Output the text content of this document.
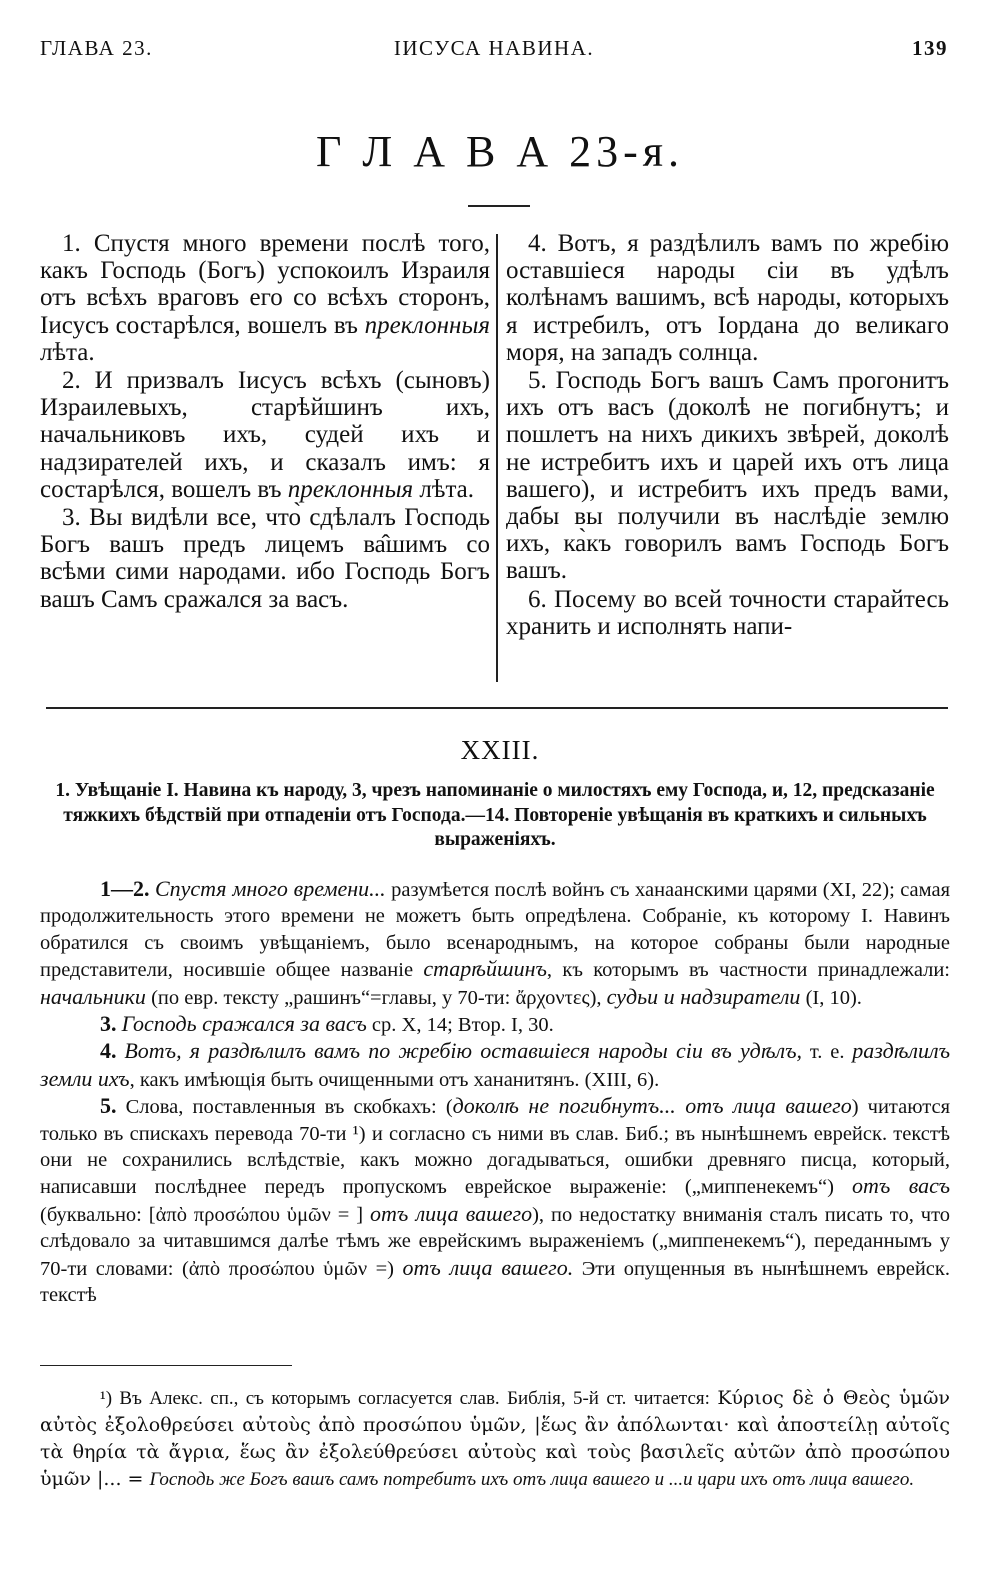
ГЛАВА 23.	ІИСУСА НАВИНА.	139
Г Л А В А 23-я.

1. Спустя много времени послѣ того, какъ Господь (Богъ) успокоилъ Израиля отъ всѣхъ враговъ его со всѣхъ сторонъ, Іисусъ состарѣлся, вошелъ въ преклонныя лѣта.

2. И призвалъ Іисусъ всѣхъ (сыновъ) Израилевыхъ, старѣйшинъ ихъ, начальниковъ ихъ, судей ихъ и надзирателей ихъ, и сказалъ имъ: я состарѣлся, вошелъ въ преклонныя лѣта.

3. Вы видѣли все, что̀ сдѣлалъ Господь Богъ вашъ предъ лицемъ ва̂шимъ со всѣми сими народами. ибо Господь Богъ вашъ Самъ сражался за васъ.

4. Вотъ, я раздѣлилъ вамъ по жребію оставшіеся народы сіи въ удѣлъ колѣнамъ вашимъ, всѣ народы, которыхъ я истребилъ, отъ Іордана до великаго моря, на западъ солнца.

5. Господь Богъ вашъ Самъ прогонитъ ихъ отъ васъ (доколѣ не погибнутъ; и пошлетъ на нихъ дикихъ звѣрей, доколѣ не истребитъ ихъ и царей ихъ отъ лица вашего), и истребитъ ихъ предъ вами, дабы вы получили въ наслѣдіе землю ихъ, ка̀къ говорилъ вамъ Господь Богъ вашъ.

6. Посему во всей точности старайтесь хранить и исполнять напи-

XXIII.
1. Увѣщаніе І. Навина къ народу, 3, чрезъ напоминаніе о милостяхъ ему Господа, и, 12, предсказаніе тяжкихъ бѣдствій при отпаденіи отъ Господа.—14. Повтореніе увѣщанія въ краткихъ и сильныхъ выраженіяхъ.

1—2. Спустя много времени... разумѣется послѣ войнъ съ ханаанскими царями (XI, 22); самая продолжительность этого времени не можетъ быть опредѣлена. Собраніе, къ которому І. Навинъ обратился съ своимъ увѣщаніемъ, было всенароднымъ, на которое собраны были народные представители, носившіе общее названіе старѣйшинъ, къ которымъ въ частности принадлежали: начальники (по евр. тексту „рашинъ“=главы, у 70-ти: ἄρχοντες), судьи и надзиратели (I, 10).

3. Господь сражался за васъ ср. X, 14; Втор. I, 30.

4. Вотъ, я раздѣлилъ вамъ по жребію оставшіеся народы сіи въ удѣлъ, т. е. раздѣлилъ земли ихъ, какъ имѣющія быть очищенными отъ хананитянъ. (XIII, 6).

5. Слова, поставленныя въ скобкахъ: (доколѣ не погибнутъ... отъ лица вашего) читаются только въ спискахъ перевода 70-ти ¹) и согласно съ ними въ слав. Биб.; въ нынѣшнемъ еврейск. текстѣ они не сохранились вслѣдствіе, какъ можно догадываться, ошибки древняго писца, который, написавши послѣднее передъ пропускомъ еврейское выраженіе: („миппенекемъ“) отъ васъ (буквально: [ἀπὸ προσώπου ὑμῶν = ] отъ лица вашего), по недостатку вниманія сталъ писать то, что слѣдовало за читавшимся далѣе тѣмъ же еврейскимъ выраженіемъ („миппенекемъ“), переданнымъ у 70-ти словами: (ἀπὸ προσώπου ὑμῶν =) отъ лица вашего. Эти опущенныя въ нынѣшнемъ еврейск. текстѣ

¹) Въ Алекс. сп., съ которымъ согласуется слав. Библія, 5-й ст. читается: Κύριος δὲ ὁ Θεὸς ὑμῶν αὐτὸς ἐξολοθρεύσει αὐτοὺς ἀπὸ προσώπου ὑμῶν, |ἕως ἂν ἀπόλωνται· καὶ ἀποστείλῃ αὐτοῖς τὰ θηρία τὰ ἄγρια, ἕως ἂν ἐξολεύθρεύσει αὐτοὺς καὶ τοὺς βασιλεῖς αὐτῶν ἀπὸ προσώπου ὑμῶν |... = Господь же Богъ вашъ самъ потребитъ ихъ отъ лица вашего и ...и цари ихъ отъ лица вашего.
